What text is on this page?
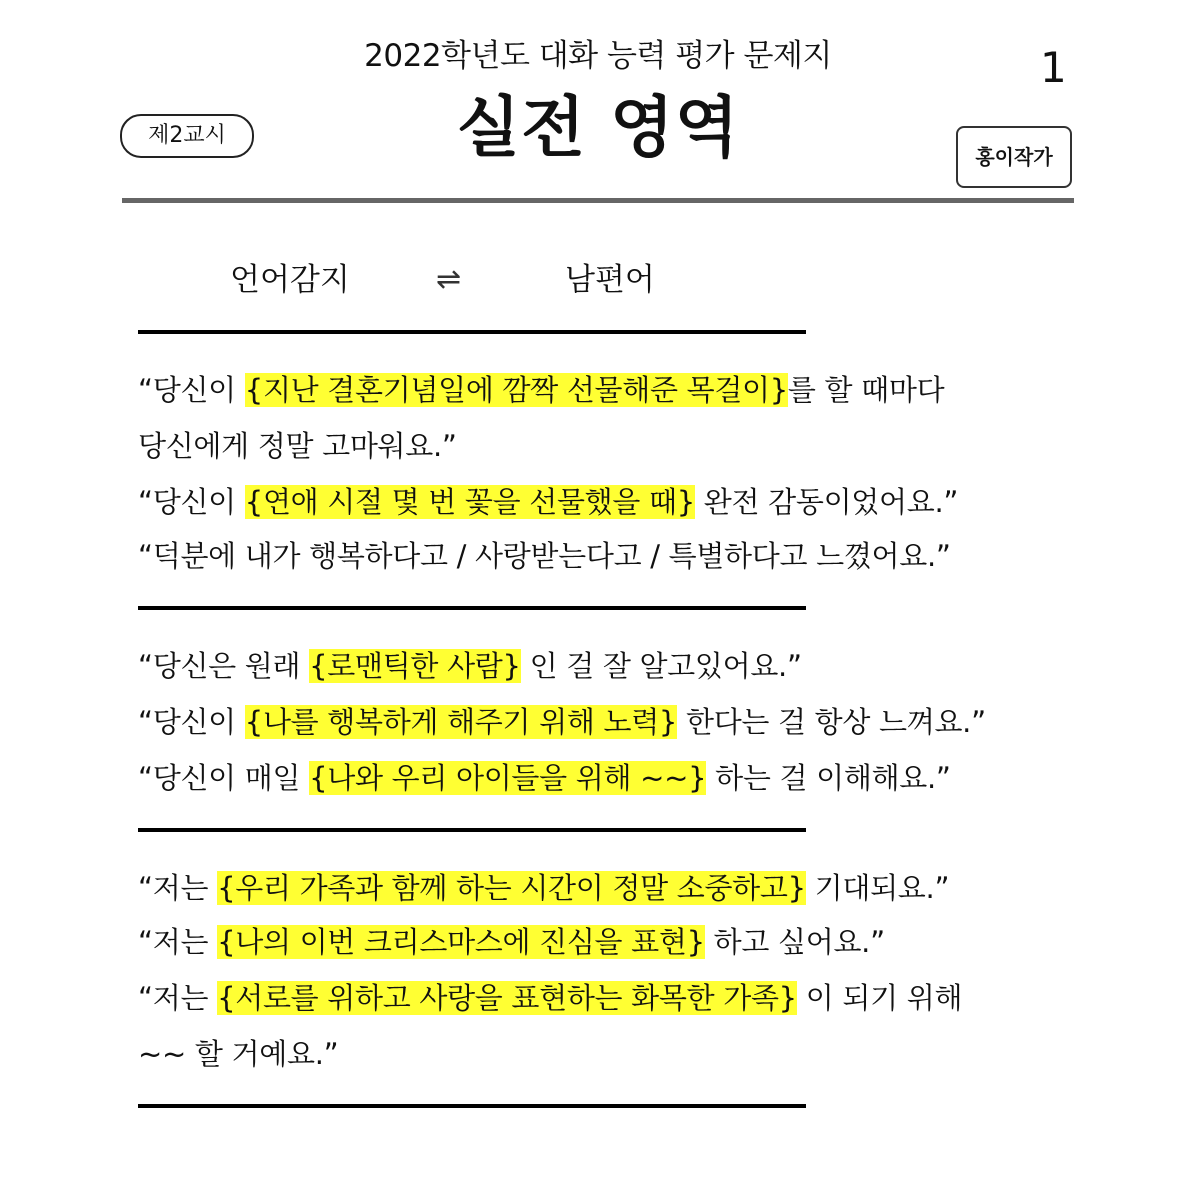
2022학년도 대화 능력 평가 문제지	1
실전 영역
제2교시
홍이작가
언어감지	⇌	남편어
“당신이 {지난 결혼기념일에 깜짝 선물해준 목걸이}를 할 때마다
당신에게 정말 고마워요.”
“당신이 {연애 시절 몇 번 꽃을 선물했을 때} 완전 감동이었어요.”
“덕분에 내가 행복하다고 / 사랑받는다고 / 특별하다고 느꼈어요.”
“당신은 원래 {로맨틱한 사람} 인 걸 잘 알고있어요.”
“당신이 {나를 행복하게 해주기 위해 노력} 한다는 걸 항상 느껴요.”
“당신이 매일 {나와 우리 아이들을 위해 ~~} 하는 걸 이해해요.”
“저는 {우리 가족과 함께 하는 시간이 정말 소중하고} 기대되요.”
“저는 {나의 이번 크리스마스에 진심을 표현} 하고 싶어요.”
“저는 {서로를 위하고 사랑을 표현하는 화목한 가족} 이 되기 위해
~~ 할 거예요.”
